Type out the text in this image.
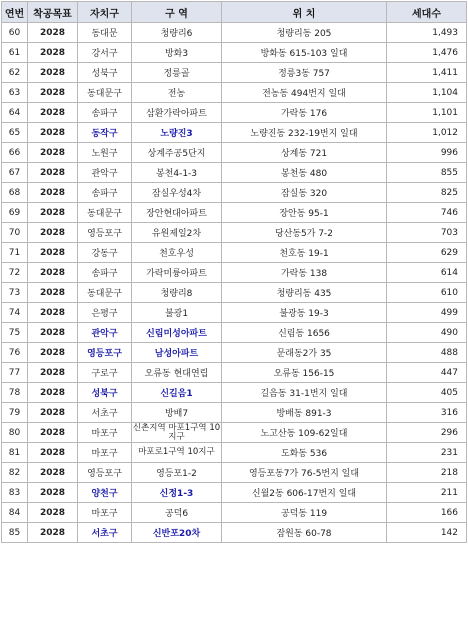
연번	착공목표	자치구	구 역	위 치	세대수
60	2028	동대문	청량리6	청량리동 205	1,493
61	2028	강서구	방화3	방화동 615-103 일대	1,476
62	2028	성북구	정릉골	정릉3동 757	1,411
63	2028	동대문구	전농	전농동 494번지 일대	1,104
64	2028	송파구	삼환가락아파트	가락동 176	1,101
65	2028	동작구	노량진3	노량진동 232-19번지 일대	1,012
66	2028	노원구	상계주공5단지	상계동 721	996
67	2028	관악구	봉천4-1-3	봉천동 480	855
68	2028	송파구	잠실우성4차	잠실동 320	825
69	2028	동대문구	장안현대아파트	장안동 95-1	746
70	2028	영등포구	유원제일2차	당산동5가 7-2	703
71	2028	강동구	천호우성	천호동 19-1	629
72	2028	송파구	가락미륭아파트	가락동 138	614
73	2028	동대문구	청량리8	청량리동 435	610
74	2028	은평구	불광1	불광동 19-3	499
75	2028	관악구	신림미성아파트	신림동 1656	490
76	2028	영등포구	남성아파트	문래동2가 35	488
77	2028	구로구	오류동 현대연립	오류동 156-15	447
78	2028	성북구	신길음1	길음동 31-1번지 일대	405
79	2028	서초구	방배7	방배동 891-3	316
80	2028	마포구	신촌지역 마포1구역 10지구	노고산동 109-62일대	296
81	2028	마포구	마포로1구역 10지구	도화동 536	231
82	2028	영등포구	영등포1-2	영등포동7가 76-5번지 일대	218
83	2028	양천구	신정1-3	신월2동 606-17번지 일대	211
84	2028	마포구	공덕6	공덕동 119	166
85	2028	서초구	신반포20차	잠원동 60-78	142
